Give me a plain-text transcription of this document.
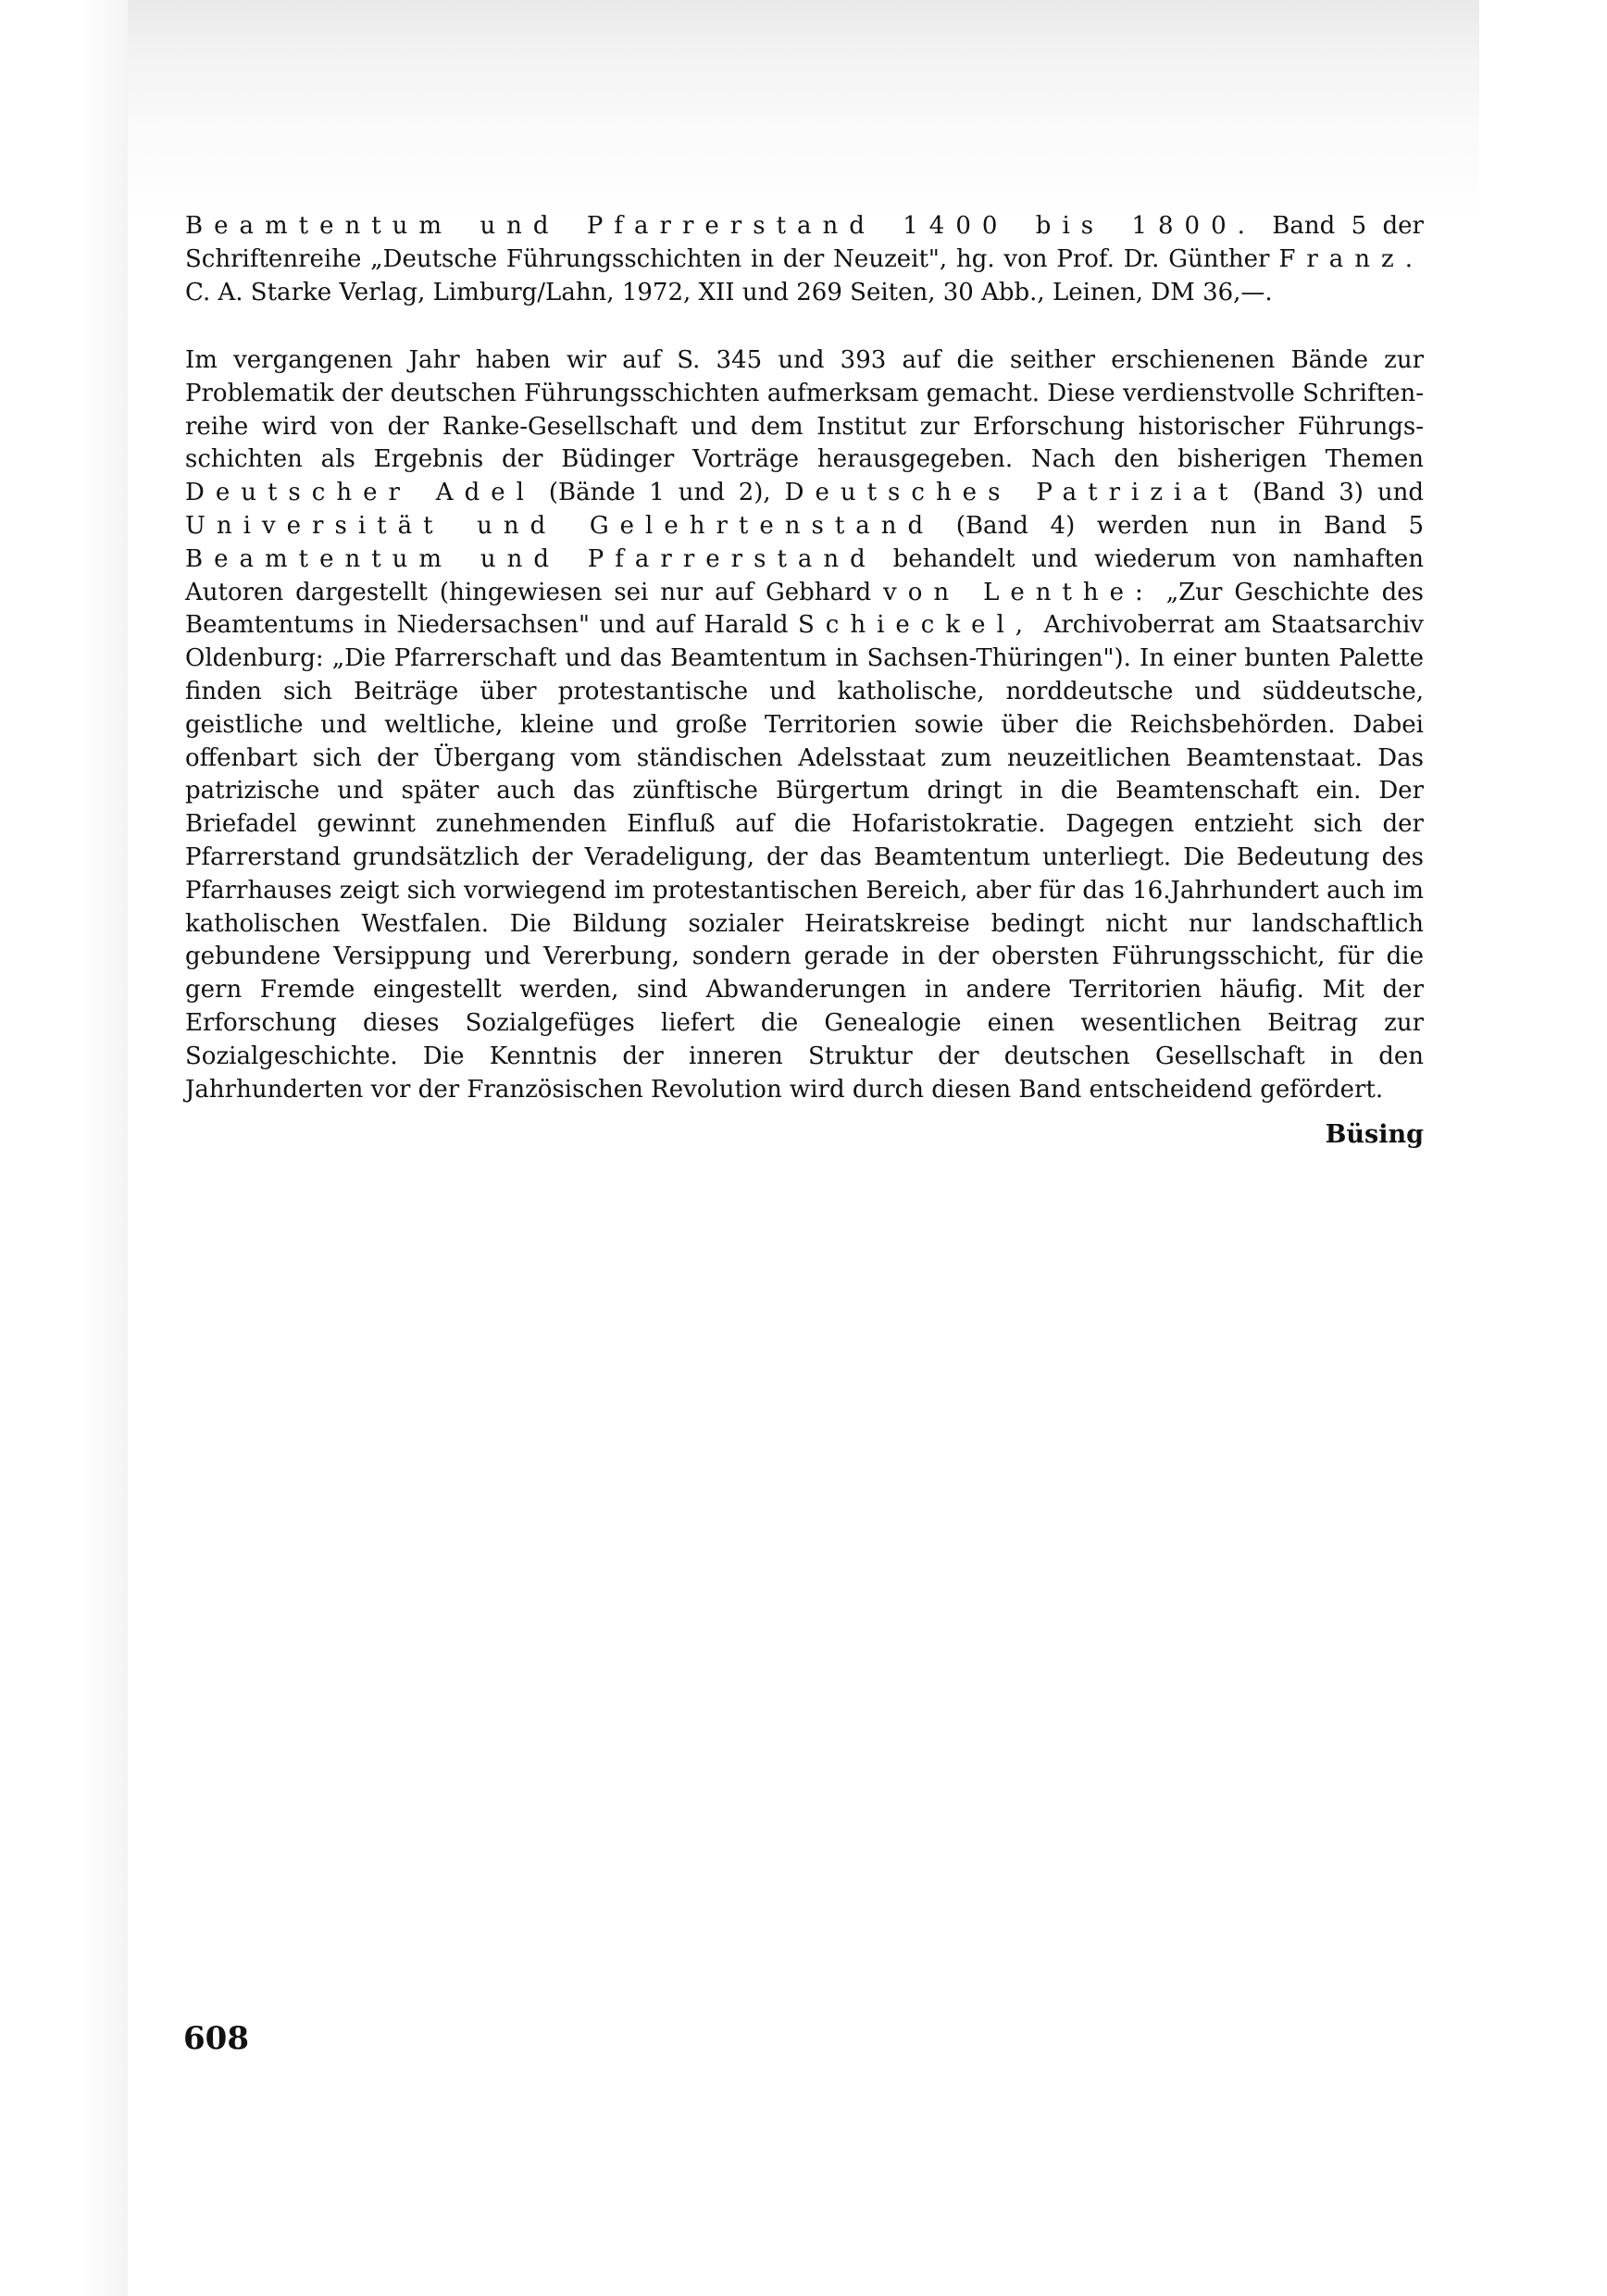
Beamtentum und Pfarrerstand 1400 bis 1800. Band 5 der Schriftenreihe „Deutsche Führungsschichten in der Neuzeit", hg. von Prof. Dr. Günther Franz. C. A. Starke Verlag, Limburg/Lahn, 1972, XII und 269 Seiten, 30 Abb., Leinen, DM 36,—.

Im vergangenen Jahr haben wir auf S. 345 und 393 auf die seither erschienenen Bände zur Problematik der deutschen Führungsschichten aufmerksam gemacht. Diese verdienstvolle Schriftenreihe wird von der Ranke-Gesellschaft und dem Institut zur Erforschung historischer Führungsschichten als Ergebnis der Büdinger Vorträge herausgegeben. Nach den bisherigen Themen Deutscher Adel (Bände 1 und 2), Deutsches Patriziat (Band 3) und Universität und Gelehrtenstand (Band 4) werden nun in Band 5 Beamtentum und Pfarrerstand behandelt und wiederum von namhaften Autoren dargestellt (hingewiesen sei nur auf Gebhard von Lenthe: „Zur Geschichte des Beamtentums in Niedersachsen" und auf Harald Schieckel, Archivoberrat am Staatsarchiv Oldenburg: „Die Pfarrerschaft und das Beamtentum in Sachsen-Thüringen"). In einer bunten Palette finden sich Beiträge über protestantische und katholische, norddeutsche und süddeutsche, geistliche und weltliche, kleine und große Territorien sowie über die Reichsbehörden. Dabei offenbart sich der Übergang vom ständischen Adelsstaat zum neuzeitlichen Beamtenstaat. Das patrizische und später auch das zünftische Bürgertum dringt in die Beamtenschaft ein. Der Briefadel gewinnt zunehmenden Einfluß auf die Hofaristokratie. Dagegen entzieht sich der Pfarrerstand grundsätzlich der Veradeligung, der das Beamtentum unterliegt. Die Bedeutung des Pfarrhauses zeigt sich vorwiegend im protestantischen Bereich, aber für das 16.Jahrhundert auch im katholischen Westfalen. Die Bildung sozialer Heiratskreise bedingt nicht nur landschaftlich gebundene Versippung und Vererbung, sondern gerade in der obersten Führungsschicht, für die gern Fremde eingestellt werden, sind Abwanderungen in andere Territorien häufig. Mit der Erforschung dieses Sozialgefüges liefert die Genealogie einen wesentlichen Beitrag zur Sozialgeschichte. Die Kenntnis der inneren Struktur der deutschen Gesellschaft in den Jahrhunderten vor der Französischen Revolution wird durch diesen Band entscheidend gefördert.

Büsing
608
